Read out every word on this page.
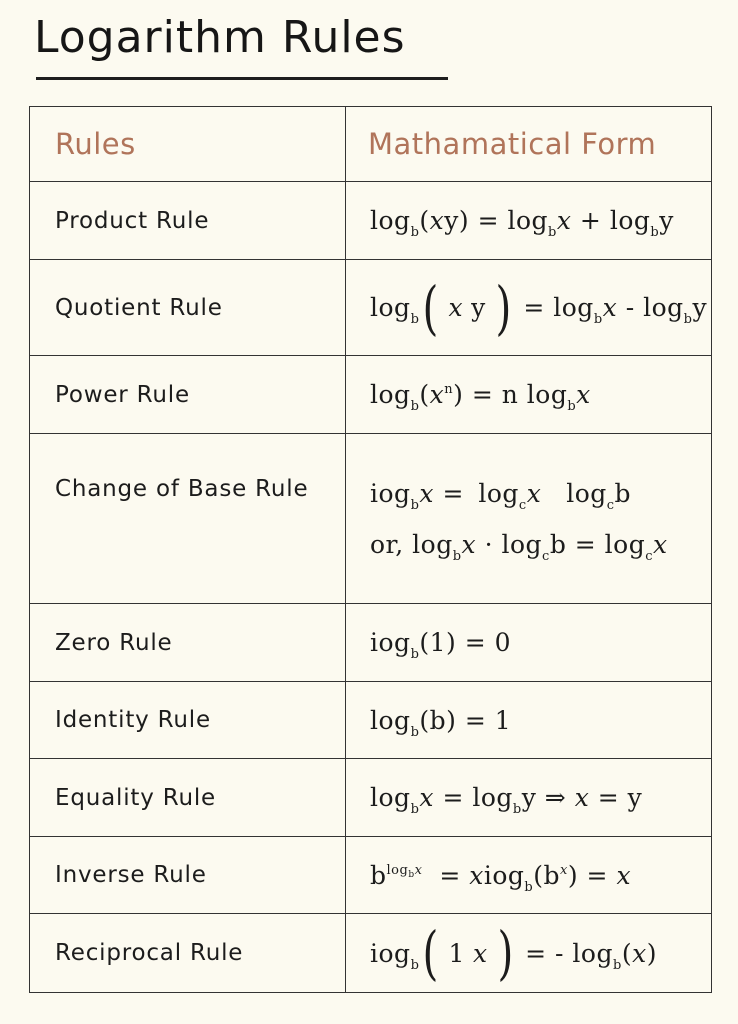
Logarithm Rules
Rules	Mathamatical Form
Product Rule	$\log_b(xy) = \log_bx + \log_by$

Quotient Rule	$\log_b$ ( x y ) = $\log_bx - \log_by$

Power Rule	$\log_b(x^n) = n$ $\log_bx$

Change of Base Rule	$iog_bx = \log_cx$ $\log_cb$
or, $\log_bx \cdot \log_cb = \log_cx$

Zero Rule	iog$_b$(1) = 0

Identity Rule	$\log_b(b) = 1$

Equality Rule	$\log_bx = \log_by$ ⇒ x = y

Inverse Rule	$b^{log_bx}$  = $xiog_b(b^x) = x$

Reciprocal Rule	iog$_b$ ( 1 x ) = - $\log_b(x)$
